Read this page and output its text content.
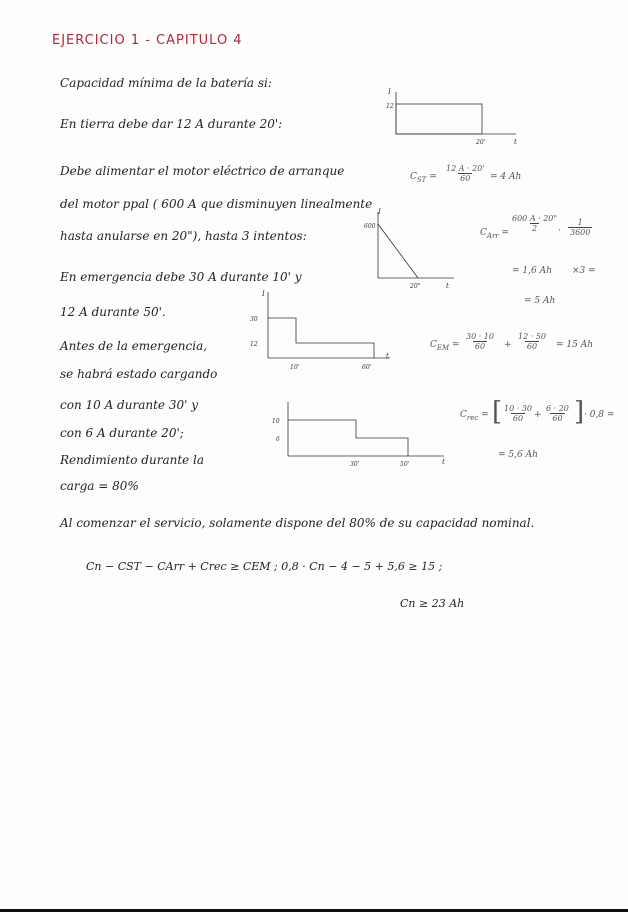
EJERCICIO 1 - CAPITULO 4
Capacidad mínima de la batería si:
En tierra debe dar 12 A durante 20':
Debe alimentar el motor eléctrico de arranque
del motor ppal ( 600 A que disminuyen linealmente
hasta anularse en 20"), hasta 3 intentos:
En emergencia debe 30 A durante 10' y
12 A durante 50'.
Antes de la emergencia,
se habrá estado cargando
con 10 A durante 30' y
con 6 A durante 20';
Rendimiento durante la
carga = 80%
Al comenzar el servicio, solamente dispone del 80% de su capacidad nominal.
I
12
20'	t
I
600
20"	t
I
30
12
10'	60'
t
10
6
30'	50'	t
$C_{ST} = \frac{12 A \cdot 20'}{60} = 4$ Ah
$C_{Arr} = \frac{600 A \cdot 20"}{2}$
· $\frac{1}{3600}$
= 1,6 Ah ×3 =
= 5 Ah
$C_{EM} = \frac{30 \cdot 10}{60} + \frac{12 \cdot 50}{60} = 15$ Ah
$C_{rec}$ = [ $\frac{10 \cdot 30}{60} + \frac{6 \cdot 20}{60}$ ] · 0,8 =
= 5,6 Ah
Cn − CST − CArr + Crec ≥ CEM ; 0,8 · Cn − 4 − 5 + 5,6 ≥ 15 ;
Cn ≥ 23 Ah
